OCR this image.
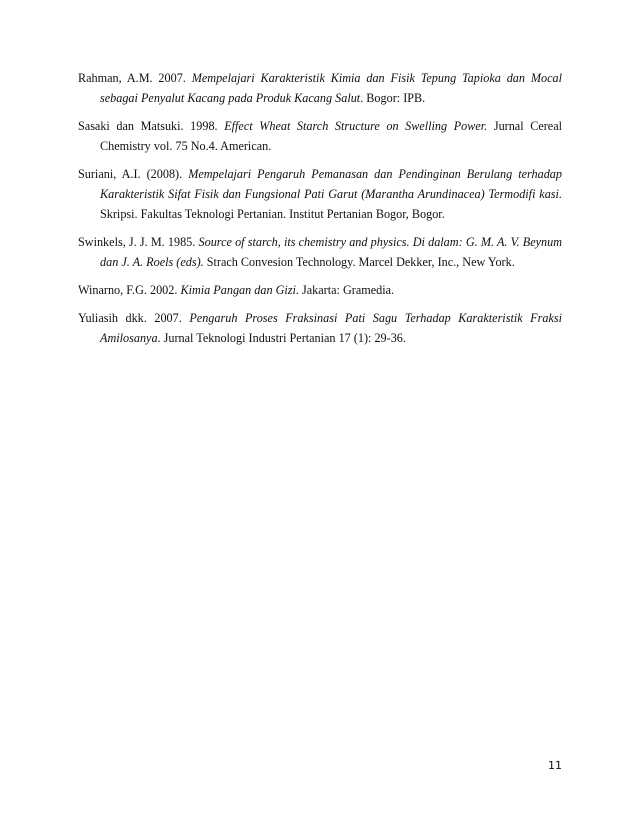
Rahman, A.M. 2007. Mempelajari Karakteristik Kimia dan Fisik Tepung Tapioka dan Mocal sebagai Penyalut Kacang pada Produk Kacang Salut. Bogor: IPB.
Sasaki dan Matsuki. 1998. Effect Wheat Starch Structure on Swelling Power. Jurnal Cereal Chemistry vol. 75 No.4. American.
Suriani, A.I. (2008). Mempelajari Pengaruh Pemanasan dan Pendinginan Berulang terhadap Karakteristik Sifat Fisik dan Fungsional Pati Garut (Marantha Arundinacea) Termodifi kasi. Skripsi. Fakultas Teknologi Pertanian. Institut Pertanian Bogor, Bogor.
Swinkels, J. J. M. 1985. Source of starch, its chemistry and physics. Di dalam: G. M. A. V. Beynum dan J. A. Roels (eds). Strach Convesion Technology. Marcel Dekker, Inc., New York.
Winarno, F.G. 2002. Kimia Pangan dan Gizi. Jakarta: Gramedia.
Yuliasih dkk. 2007. Pengaruh Proses Fraksinasi Pati Sagu Terhadap Karakteristik Fraksi Amilosanya. Jurnal Teknologi Industri Pertanian 17 (1): 29-36.
11
